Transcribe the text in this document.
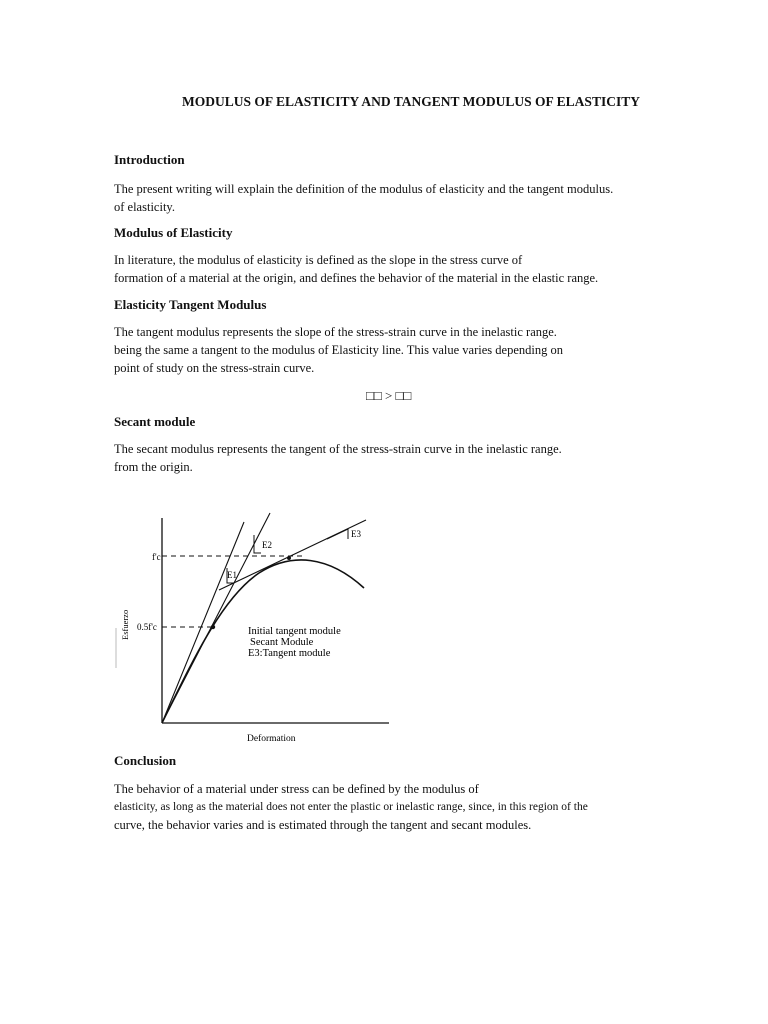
MODULUS OF ELASTICITY AND TANGENT MODULUS OF ELASTICITY
Introduction
The present writing will explain the definition of the modulus of elasticity and the tangent modulus.
of elasticity.
Modulus of Elasticity
In literature, the modulus of elasticity is defined as the slope in the stress curve of
formation of a material at the origin, and defines the behavior of the material in the elastic range.
Elasticity Tangent Modulus
The tangent modulus represents the slope of the stress-strain curve in the inelastic range.
being the same a tangent to the modulus of Elasticity line. This value varies depending on
point of study on the stress-strain curve.
□□ > □□
Secant module
The secant modulus represents the tangent of the stress-strain curve in the inelastic range.
from the origin.
E1
E2
E3
f'c
0.5f'c
Esfuerzo
Deformation
Initial tangent module
Secant Module
E3:Tangent module
Conclusion
The behavior of a material under stress can be defined by the modulus of
elasticity, as long as the material does not enter the plastic or inelastic range, since, in this region of the
curve, the behavior varies and is estimated through the tangent and secant modules.
